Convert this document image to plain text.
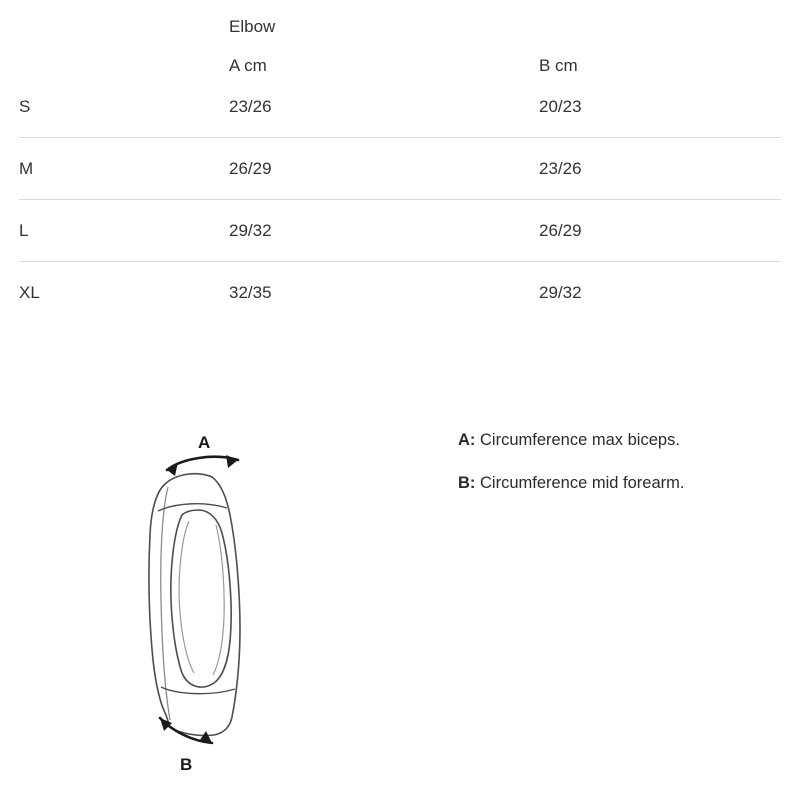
	Elbow	
	A cm	B cm
S	23/26	20/23
M	26/29	23/26
L	29/32	26/29
XL	32/35	29/32
A
B
A: Circumference max biceps.
B: Circumference mid forearm.
